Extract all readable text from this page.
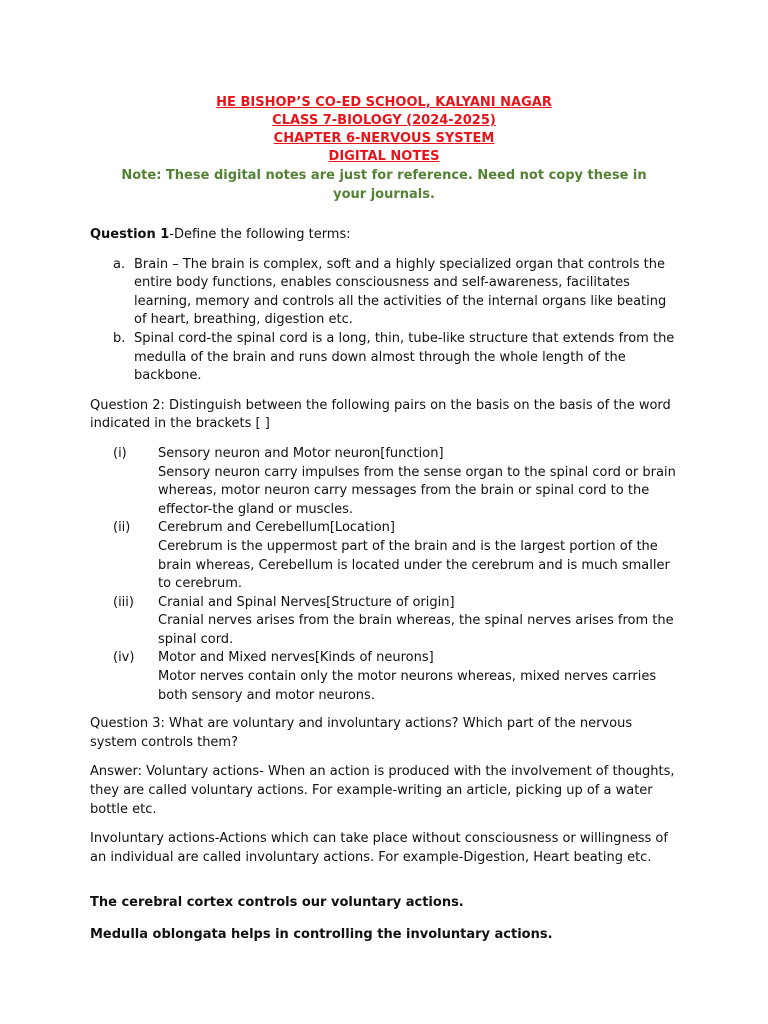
HE BISHOP’S CO-ED SCHOOL, KALYANI NAGAR
CLASS 7-BIOLOGY (2024-2025)
CHAPTER 6-NERVOUS SYSTEM
DIGITAL NOTES
Note: These digital notes are just for reference. Need not copy these in your journals.

Question 1-Define the following terms:

a. Brain – The brain is complex, soft and a highly specialized organ that controls the entire body functions, enables consciousness and self-awareness, facilitates learning, memory and controls all the activities of the internal organs like beating of heart, breathing, digestion etc.
b. Spinal cord-the spinal cord is a long, thin, tube-like structure that extends from the medulla of the brain and runs down almost through the whole length of the backbone.

Question 2: Distinguish between the following pairs on the basis on the basis of the word indicated in the brackets [ ]

(i) Sensory neuron and Motor neuron[function]
Sensory neuron carry impulses from the sense organ to the spinal cord or brain whereas, motor neuron carry messages from the brain or spinal cord to the effector-the gland or muscles.
(ii) Cerebrum and Cerebellum[Location]
Cerebrum is the uppermost part of the brain and is the largest portion of the brain whereas, Cerebellum is located under the cerebrum and is much smaller to cerebrum.
(iii) Cranial and Spinal Nerves[Structure of origin]
Cranial nerves arises from the brain whereas, the spinal nerves arises from the spinal cord.
(iv) Motor and Mixed nerves[Kinds of neurons]
Motor nerves contain only the motor neurons whereas, mixed nerves carries both sensory and motor neurons.

Question 3: What are voluntary and involuntary actions? Which part of the nervous system controls them?

Answer: Voluntary actions- When an action is produced with the involvement of thoughts, they are called voluntary actions. For example-writing an article, picking up of a water bottle etc.

Involuntary actions-Actions which can take place without consciousness or willingness of an individual are called involuntary actions. For example-Digestion, Heart beating etc.

The cerebral cortex controls our voluntary actions.

Medulla oblongata helps in controlling the involuntary actions.
